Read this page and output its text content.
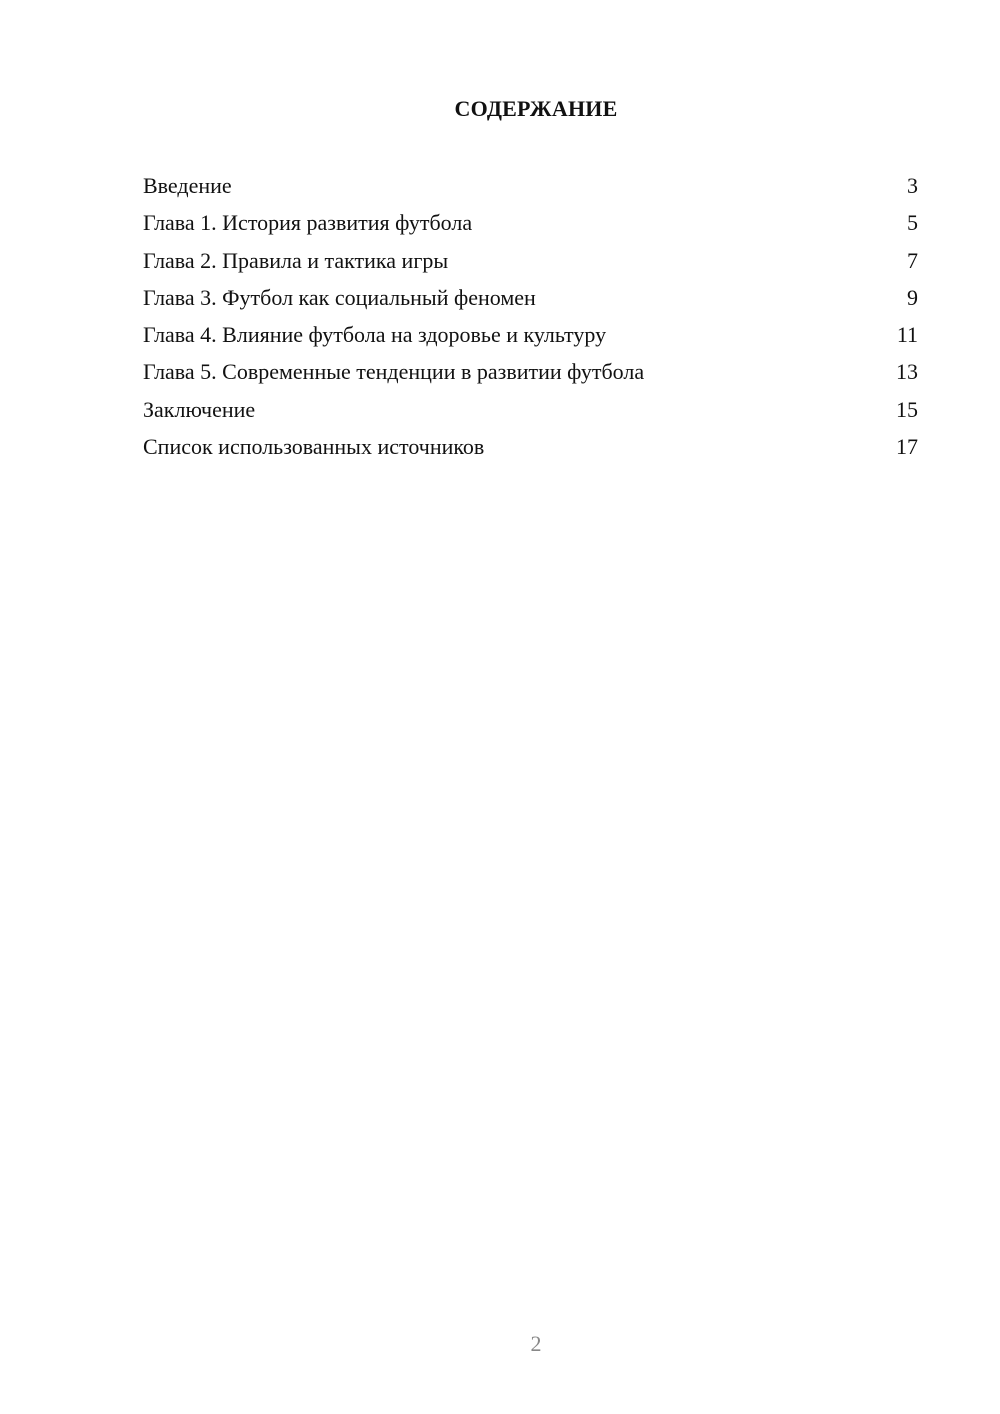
СОДЕРЖАНИЕ
Введение	3
Глава 1. История развития футбола	5
Глава 2. Правила и тактика игры	7
Глава 3. Футбол как социальный феномен	9
Глава 4. Влияние футбола на здоровье и культуру	11
Глава 5. Современные тенденции в развитии футбола	13
Заключение	15
Список использованных источников	17
2
